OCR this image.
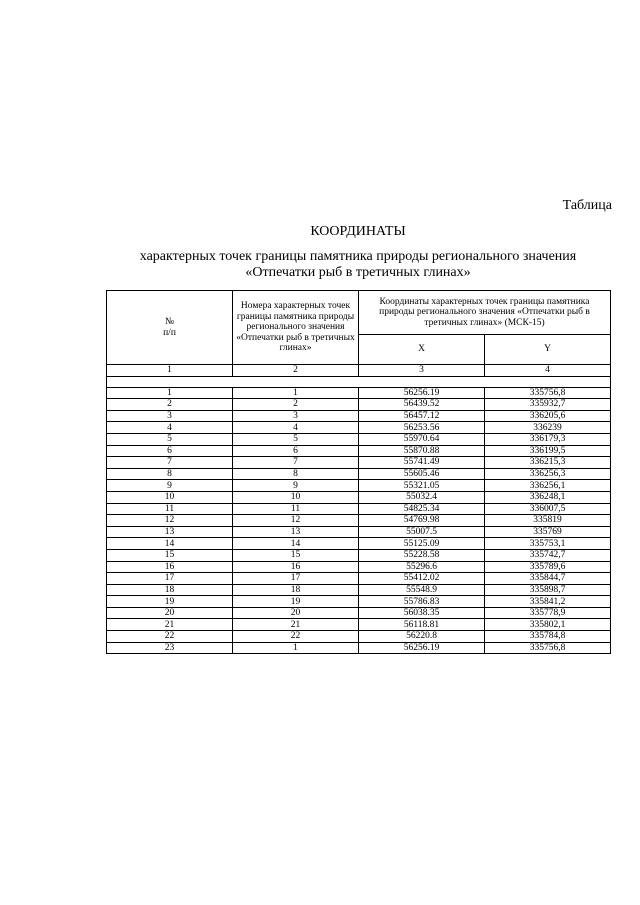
Таблица
КООРДИНАТЫ
характерных точек границы памятника природы регионального значения
«Отпечатки рыб в третичных глинах»
№
п/п	Номера характерных точек границы памятника природы регионального значения «Отпечатки рыб в третичных глинах»	Координаты характерных точек границы памятника природы регионального значения «Отпечатки рыб в третичных глинах» (МСК-15)	
		X	Y
1	2	3	4

1	1	56256.19	335756,8
2	2	56439.52	335932,7
3	3	56457.12	336205,6
4	4	56253.56	336239
5	5	55970.64	336179,3
6	6	55870.88	336199,5
7	7	55741.49	336215,3
8	8	55605.46	336256,3
9	9	55321.05	336256,1
10	10	55032.4	336248,1
11	11	54825.34	336007,5
12	12	54769.98	335819
13	13	55007.5	335769
14	14	55125.09	335753,1
15	15	55228.58	335742,7
16	16	55296.6	335789,6
17	17	55412.02	335844,7
18	18	55548.9	335898,7
19	19	55786.83	335841,2
20	20	56038.35	335778,9
21	21	56118.81	335802,1
22	22	56220.8	335784,8
23	1	56256.19	335756,8
